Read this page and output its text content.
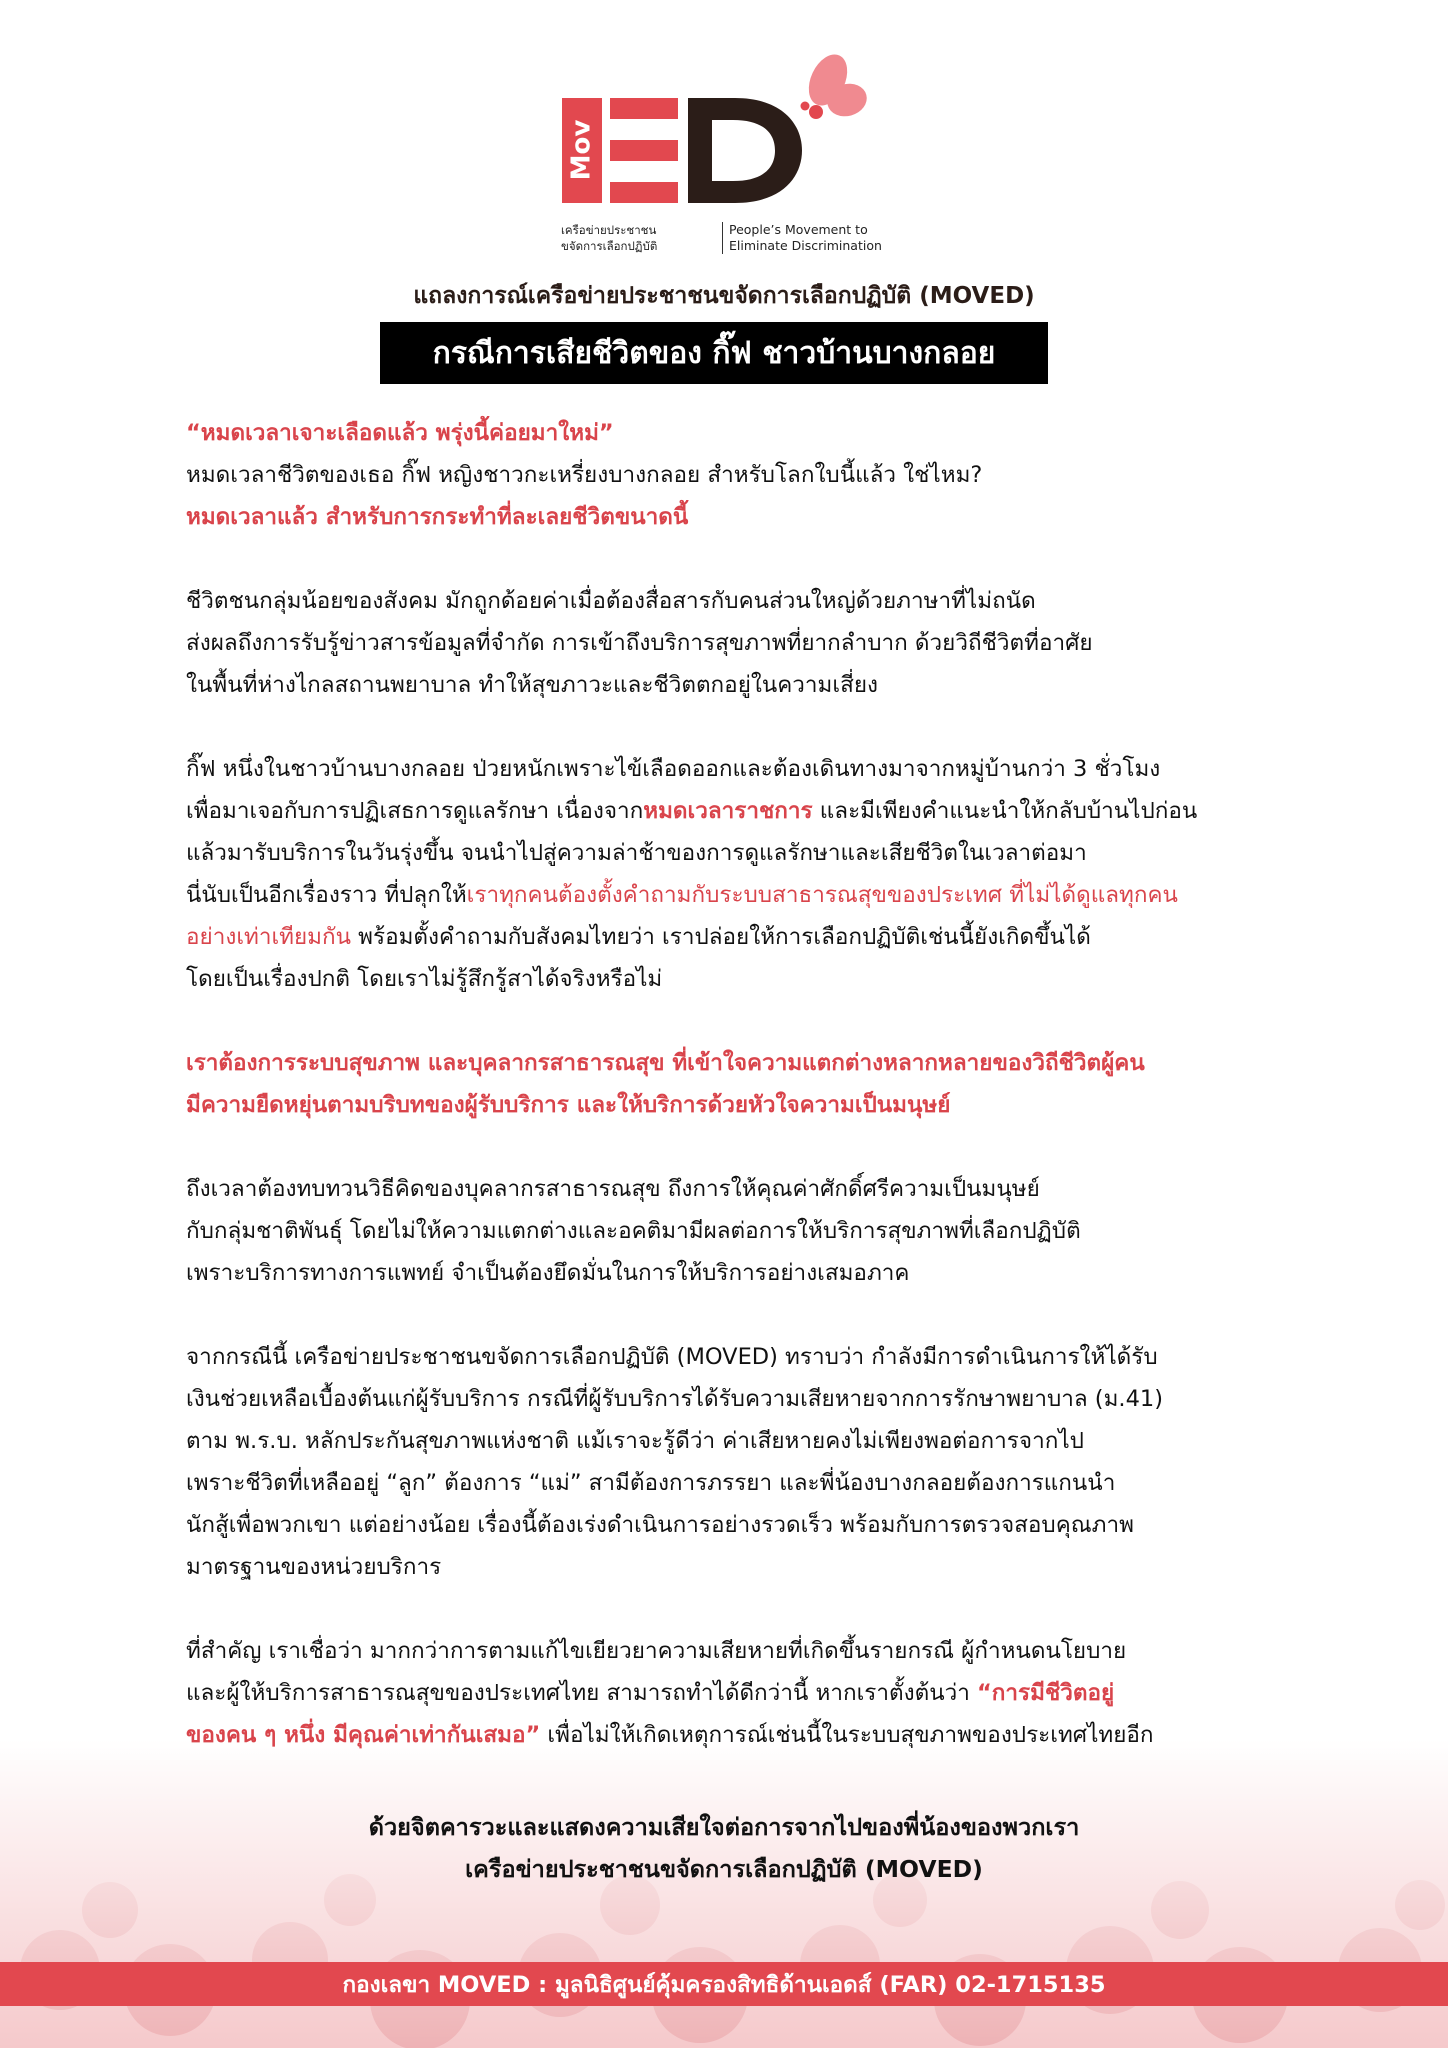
Mov
เครือข่ายประชาชน
ขจัดการเลือกปฏิบัติ
People’s Movement to
Eliminate Discrimination
แถลงการณ์เครือข่ายประชาชนขจัดการเลือกปฏิบัติ (MOVED)
กรณีการเสียชีวิตของ กิ๊ฟ ชาวบ้านบางกลอย

“หมดเวลาเจาะเลือดแล้ว พรุ่งนี้ค่อยมาใหม่”
หมดเวลาชีวิตของเธอ กิ๊ฟ หญิงชาวกะเหรี่ยงบางกลอย สำหรับโลกใบนี้แล้ว ใช่ไหม?
หมดเวลาแล้ว สำหรับการกระทำที่ละเลยชีวิตขนาดนี้

ชีวิตชนกลุ่มน้อยของสังคม มักถูกด้อยค่าเมื่อต้องสื่อสารกับคนส่วนใหญ่ด้วยภาษาที่ไม่ถนัด
ส่งผลถึงการรับรู้ข่าวสารข้อมูลที่จำกัด การเข้าถึงบริการสุขภาพที่ยากลำบาก ด้วยวิถีชีวิตที่อาศัย
ในพื้นที่ห่างไกลสถานพยาบาล ทำให้สุขภาวะและชีวิตตกอยู่ในความเสี่ยง

กิ๊ฟ หนึ่งในชาวบ้านบางกลอย ป่วยหนักเพราะไข้เลือดออกและต้องเดินทางมาจากหมู่บ้านกว่า 3 ชั่วโมง
เพื่อมาเจอกับการปฏิเสธการดูแลรักษา เนื่องจากหมดเวลาราชการ และมีเพียงคำแนะนำให้กลับบ้านไปก่อน
แล้วมารับบริการในวันรุ่งขึ้น จนนำไปสู่ความล่าช้าของการดูแลรักษาและเสียชีวิตในเวลาต่อมา
นี่นับเป็นอีกเรื่องราว ที่ปลุกให้เราทุกคนต้องตั้งคำถามกับระบบสาธารณสุขของประเทศ ที่ไม่ได้ดูแลทุกคน
อย่างเท่าเทียมกัน พร้อมตั้งคำถามกับสังคมไทยว่า เราปล่อยให้การเลือกปฏิบัติเช่นนี้ยังเกิดขึ้นได้
โดยเป็นเรื่องปกติ โดยเราไม่รู้สึกรู้สาได้จริงหรือไม่

เราต้องการระบบสุขภาพ และบุคลากรสาธารณสุข ที่เข้าใจความแตกต่างหลากหลายของวิถีชีวิตผู้คน
มีความยืดหยุ่นตามบริบทของผู้รับบริการ และให้บริการด้วยหัวใจความเป็นมนุษย์

ถึงเวลาต้องทบทวนวิธีคิดของบุคลากรสาธารณสุข ถึงการให้คุณค่าศักดิ์ศรีความเป็นมนุษย์
กับกลุ่มชาติพันธุ์ โดยไม่ให้ความแตกต่างและอคติมามีผลต่อการให้บริการสุขภาพที่เลือกปฏิบัติ
เพราะบริการทางการแพทย์ จำเป็นต้องยึดมั่นในการให้บริการอย่างเสมอภาค

จากกรณีนี้ เครือข่ายประชาชนขจัดการเลือกปฏิบัติ (MOVED) ทราบว่า กำลังมีการดำเนินการให้ได้รับ
เงินช่วยเหลือเบื้องต้นแก่ผู้รับบริการ กรณีที่ผู้รับบริการได้รับความเสียหายจากการรักษาพยาบาล (ม.41)
ตาม พ.ร.บ. หลักประกันสุขภาพแห่งชาติ แม้เราจะรู้ดีว่า ค่าเสียหายคงไม่เพียงพอต่อการจากไป
เพราะชีวิตที่เหลืออยู่ “ลูก” ต้องการ “แม่” สามีต้องการภรรยา และพี่น้องบางกลอยต้องการแกนนำ
นักสู้เพื่อพวกเขา แต่อย่างน้อย เรื่องนี้ต้องเร่งดำเนินการอย่างรวดเร็ว พร้อมกับการตรวจสอบคุณภาพ
มาตรฐานของหน่วยบริการ

ที่สำคัญ เราเชื่อว่า มากกว่าการตามแก้ไขเยียวยาความเสียหายที่เกิดขึ้นรายกรณี ผู้กำหนดนโยบาย
และผู้ให้บริการสาธารณสุขของประเทศไทย สามารถทำได้ดีกว่านี้ หากเราตั้งต้นว่า “การมีชีวิตอยู่
ของคน ๆ หนึ่ง มีคุณค่าเท่ากันเสมอ” เพื่อไม่ให้เกิดเหตุการณ์เช่นนี้ในระบบสุขภาพของประเทศไทยอีก

ด้วยจิตคารวะและแสดงความเสียใจต่อการจากไปของพี่น้องของพวกเรา
เครือข่ายประชาชนขจัดการเลือกปฏิบัติ (MOVED)
กองเลขา MOVED : มูลนิธิศูนย์คุ้มครองสิทธิด้านเอดส์ (FAR) 02-1715135
